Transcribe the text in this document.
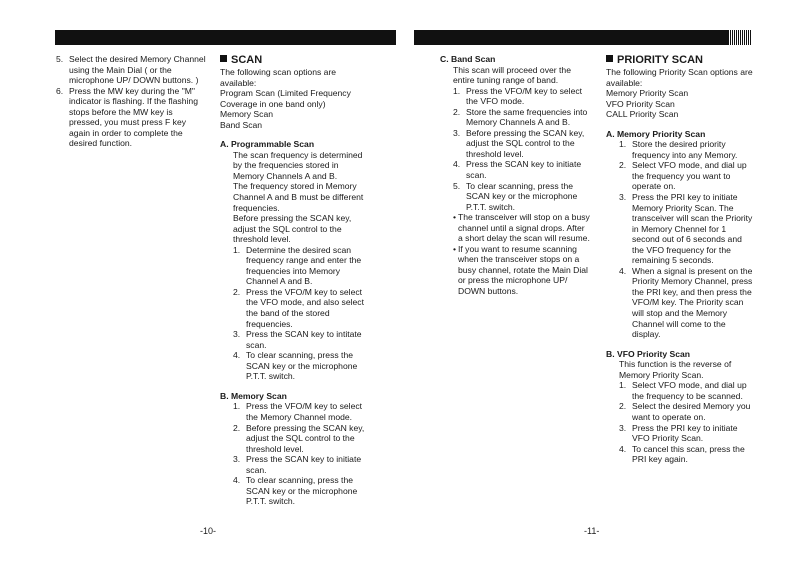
5. Select the desired Memory Channel using the Main Dial ( or the microphone UP/ DOWN buttons. )
6. Press the MW key during the "M" indicator is flashing. If the flashing stops before the MW key is pressed, you must press F key again in order to complete the desired function.

SCAN

The following scan options are available:

Program Scan (Limited Frequency Coverage in one band only)

Memory Scan

Band Scan

A. Programmable Scan

The scan frequency is determined by the frequencies stored in Memory Channels A and B.

The frequency stored in Memory Channel A and B must be different frequencies.

Before pressing the SCAN key, adjust the SQL control to the threshold level.

1. Determine the desired scan frequency range and enter the frequencies into Memory Channel A and B.
2. Press the VFO/M key to select the VFO mode, and also select the band of the stored frequencies.
3. Press the SCAN key to intitate scan.
4. To clear scanning, press the SCAN key or the microphone P.T.T. switch.

B. Memory Scan

1. Press the VFO/M key to select the Memory Channel mode.
2. Before pressing the SCAN key, adjust the SQL control to the threshold level.
3. Press the SCAN key to initiate scan.
4. To clear scanning, press the SCAN key or the microphone P.T.T. switch.

C. Band Scan

This scan will proceed over the entire tuning range of band.

1. Press the VFO/M key to select the VFO mode.
2. Store the same frequencies into Memory Channels A and B.
3. Before pressing the SCAN key, adjust the SQL control to the threshold level.
4. Press the SCAN key to initiate scan.
5. To clear scanning, press the SCAN key or the microphone P.T.T. switch.

• The transceiver will stop on a busy channel until a signal drops. After a short delay the scan will resume.

• If you want to resume scanning when the transceiver stops on a busy channel, rotate the Main Dial or press the microphone UP/ DOWN buttons.

PRIORITY SCAN

The following Priority Scan options are available:

Memory Priority Scan

VFO Priority Scan

CALL Priority Scan

A. Memory Priority Scan

1. Store the desired priority frequency into any Memory.
2. Select VFO mode, and dial up the frequency you want to operate on.
3. Press the PRI key to initiate Memory Priority Scan. The transceiver will scan the Priority in Memory Chennel for 1 second out of 6 seconds and the VFO frequency for the remaining 5 seconds.
4. When a signal is present on the Priority Memory Channel, press the PRI key, and then press the VFO/M key. The Priority scan will stop and the Memory Channel will come to the display.

B. VFO Priority Scan

This function is the reverse of Memory Priority Scan.

1. Select VFO mode, and dial up the frequency to be scanned.
2. Select the desired Memory you want to operate on.
3. Press the PRI key to initiate VFO Priority Scan.
4. To cancel this scan, press the PRI key again.
-10-	-11-
